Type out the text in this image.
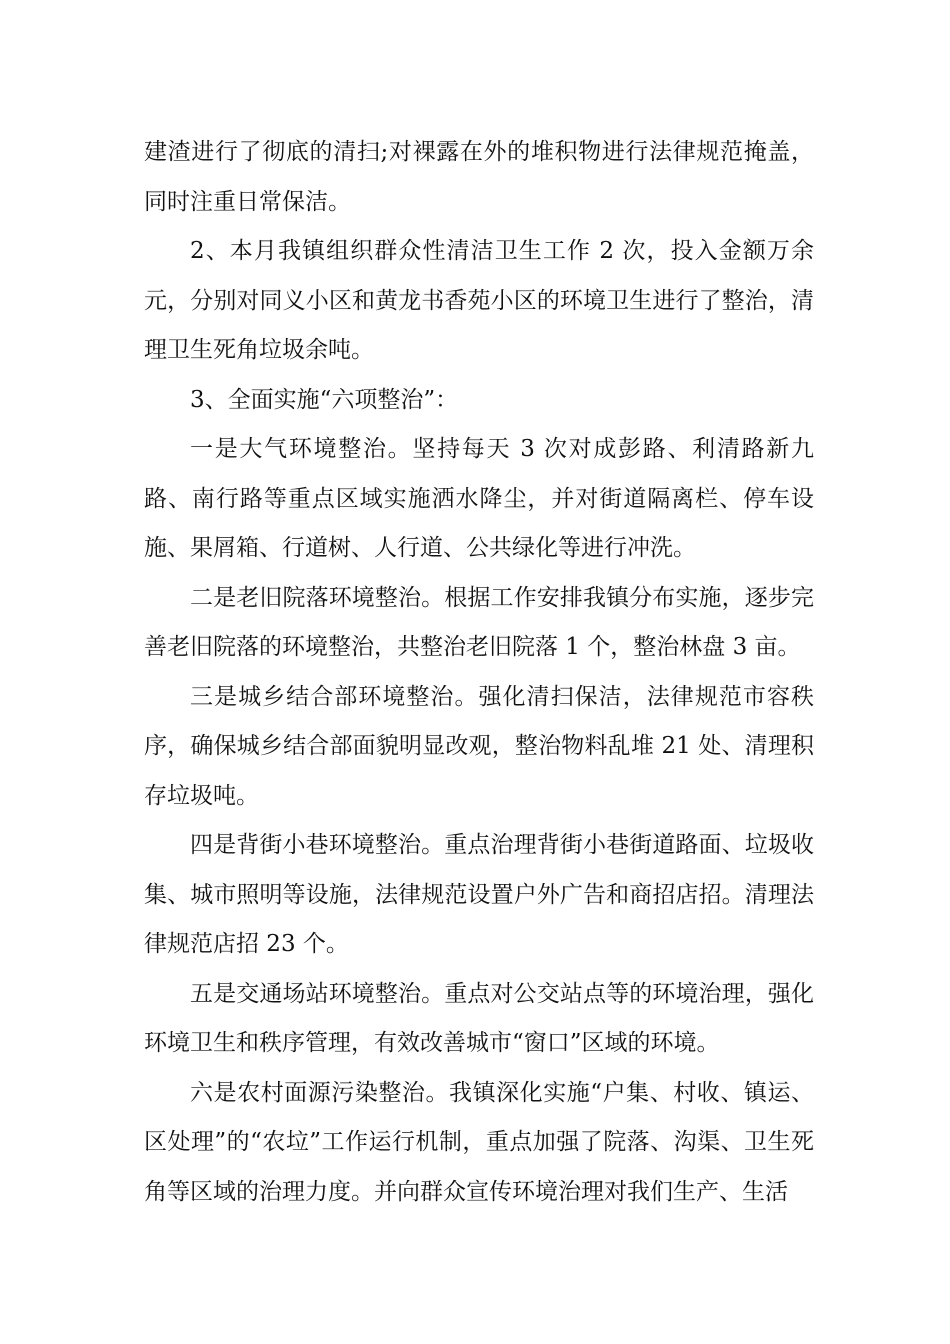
建渣进行了彻底的清扫;对裸露在外的堆积物进行法律规范掩盖，同时注重日常保洁。

2、本月我镇组织群众性清洁卫生工作 2 次，投入金额万余元，分别对同义小区和黄龙书香苑小区的环境卫生进行了整治，清理卫生死角垃圾余吨。

3、全面实施“六项整治”：

一是大气环境整治。坚持每天 3 次对成彭路、利清路新九路、南行路等重点区域实施洒水降尘，并对街道隔离栏、停车设施、果屑箱、行道树、人行道、公共绿化等进行冲洗。

二是老旧院落环境整治。根据工作安排我镇分布实施，逐步完善老旧院落的环境整治，共整治老旧院落 1 个，整治林盘 3 亩。

三是城乡结合部环境整治。强化清扫保洁，法律规范市容秩序，确保城乡结合部面貌明显改观，整治物料乱堆 21 处、清理积存垃圾吨。

四是背街小巷环境整治。重点治理背街小巷街道路面、垃圾收集、城市照明等设施，法律规范设置户外广告和商招店招。清理法律规范店招 23 个。

五是交通场站环境整治。重点对公交站点等的环境治理，强化环境卫生和秩序管理，有效改善城市“窗口”区域的环境。

六是农村面源污染整治。我镇深化实施“户集、村收、镇运、区处理”的“农垃”工作运行机制，重点加强了院落、沟渠、卫生死角等区域的治理力度。并向群众宣传环境治理对我们生产、生活
